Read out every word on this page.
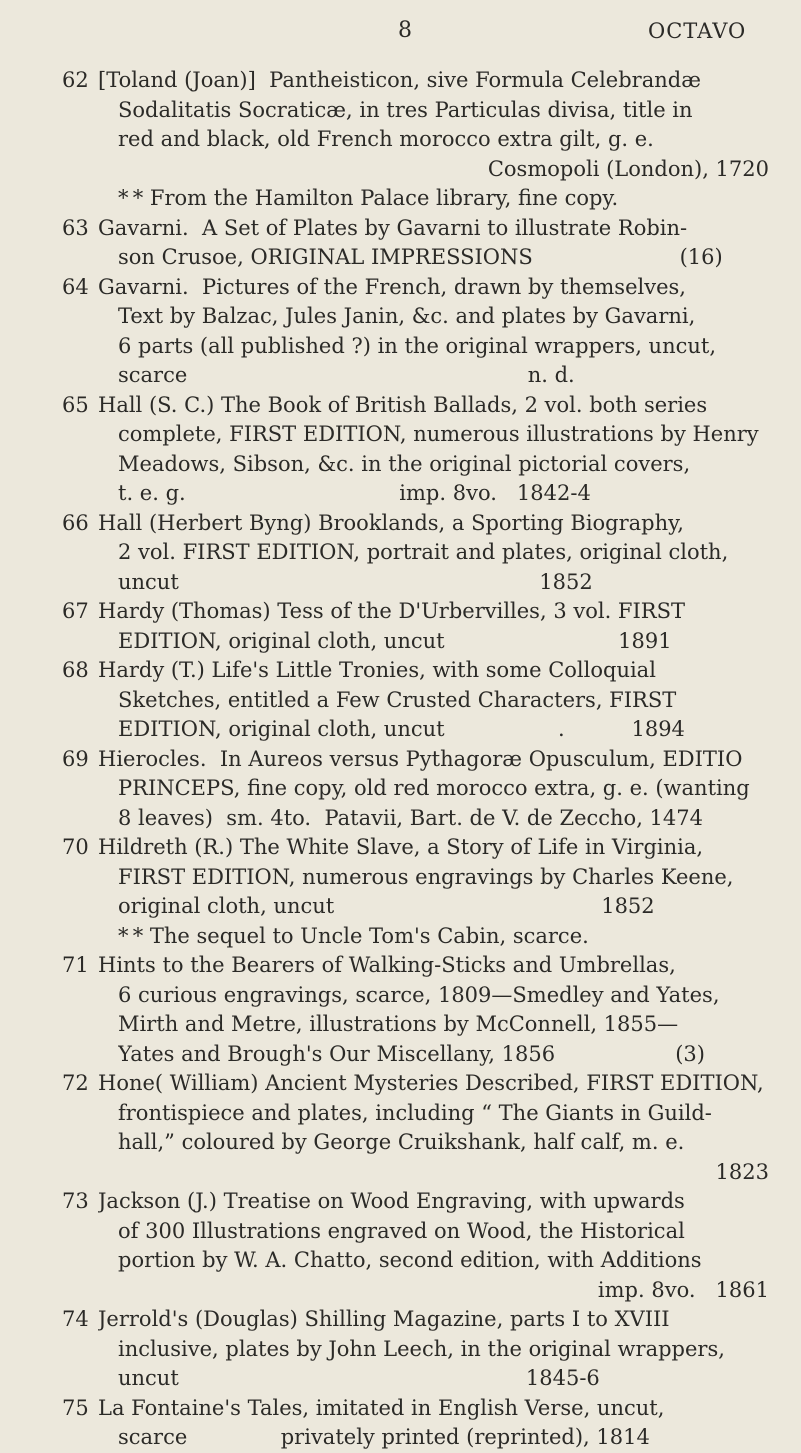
8	OCTAVO
62 [Toland (Joan)]  Pantheisticon, sive Formula Celebrandæ
Sodalitatis Socraticæ, in tres Particulas divisa, title in
red and black, old French morocco extra gilt, g. e.
Cosmopoli (London), 1720
* * From the Hamilton Palace library, fine copy.
63 Gavarni.  A Set of Plates by Gavarni to illustrate Robin-
son Crusoe, ORIGINAL IMPRESSIONS                      (16)
64 Gavarni.  Pictures of the French, drawn by themselves,
Text by Balzac, Jules Janin, &c. and plates by Gavarni,
6 parts (all published ?) in the original wrappers, uncut,
scarce                                                   n. d.
65 Hall (S. C.) The Book of British Ballads, 2 vol. both series
complete, FIRST EDITION, numerous illustrations by Henry
Meadows, Sibson, &c. in the original pictorial covers,
t. e. g.                                imp. 8vo.   1842-4
66 Hall (Herbert Byng) Brooklands, a Sporting Biography,
2 vol. FIRST EDITION, portrait and plates, original cloth,
uncut                                                      1852
67 Hardy (Thomas) Tess of the D'Urbervilles, 3 vol. FIRST
EDITION, original cloth, uncut                          1891
68 Hardy (T.) Life's Little Tronies, with some Colloquial
Sketches, entitled a Few Crusted Characters, FIRST
EDITION, original cloth, uncut                 .          1894
69 Hierocles.  In Aureos versus Pythagoræ Opusculum, EDITIO
PRINCEPS, fine copy, old red morocco extra, g. e. (wanting
8 leaves)  sm. 4to.  Patavii, Bart. de V. de Zeccho, 1474
70 Hildreth (R.) The White Slave, a Story of Life in Virginia,
FIRST EDITION, numerous engravings by Charles Keene,
original cloth, uncut                                        1852
* * The sequel to Uncle Tom's Cabin, scarce.
71 Hints to the Bearers of Walking-Sticks and Umbrellas,
6 curious engravings, scarce, 1809—Smedley and Yates,
Mirth and Metre, illustrations by McConnell, 1855—
Yates and Brough's Our Miscellany, 1856                  (3)
72 Hone( William) Ancient Mysteries Described, FIRST EDITION,
frontispiece and plates, including “ The Giants in Guild-
hall,” coloured by George Cruikshank, half calf, m. e.
1823
73 Jackson (J.) Treatise on Wood Engraving, with upwards
of 300 Illustrations engraved on Wood, the Historical
portion by W. A. Chatto, second edition, with Additions
imp. 8vo.   1861
74 Jerrold's (Douglas) Shilling Magazine, parts I to XVIII
inclusive, plates by John Leech, in the original wrappers,
uncut                                                    1845-6
75 La Fontaine's Tales, imitated in English Verse, uncut,
scarce              privately printed (reprinted), 1814
